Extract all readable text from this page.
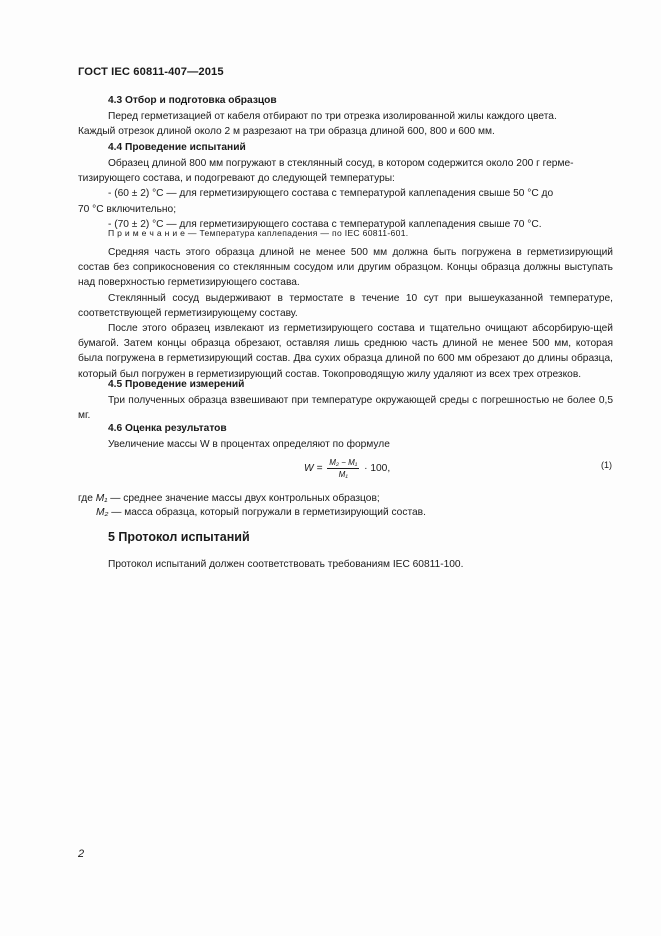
ГОСТ IEC 60811-407—2015
4.3 Отбор и подготовка образцов

Перед герметизацией от кабеля отбирают по три отрезка изолированной жилы каждого цвета.

Каждый отрезок длиной около 2 м разрезают на три образца длиной 600, 800 и 600 мм.

4.4 Проведение испытаний

Образец длиной 800 мм погружают в стеклянный сосуд, в котором содержится около 200 г герме-

тизирующего состава, и подогревают до следующей температуры:

- (60 ± 2) °C — для герметизирующего состава с температурой каплепадения свыше 50 °C до

70 °C включительно;

- (70 ± 2) °C — для герметизирующего состава с температурой каплепадения свыше 70 °C.

П р и м е ч а н и е — Температура каплепадения — по IEC 60811-601.

Средняя часть этого образца длиной не менее 500 мм должна быть погружена в герметизирующий состав без соприкосновения со стеклянным сосудом или другим образцом. Концы образца должны выступать над поверхностью герметизирующего состава.

Стеклянный сосуд выдерживают в термостате в течение 10 сут при вышеуказанной температуре, соответствующей герметизирующему составу.

После этого образец извлекают из герметизирующего состава и тщательно очищают абсорбирую-щей бумагой. Затем концы образца обрезают, оставляя лишь среднюю часть длиной не менее 500 мм, которая была погружена в герметизирующий состав. Два сухих образца длиной по 600 мм обрезают до длины образца, который был погружен в герметизирующий состав. Токопроводящую жилу удаляют из всех трех отрезков.

4.5 Проведение измерений

Три полученных образца взвешивают при температуре окружающей среды с погрешностью не более 0,5 мг.

4.6 Оценка результатов

Увеличение массы W в процентах определяют по формуле

$W = \frac{\text{M₂ − M₁}}{\text{M₁}} \cdot 100$,	(1)
где M₁ — среднее значение массы двух контрольных образцов;
M₂ — масса образца, который погружали в герметизирующий состав.
5 Протокол испытаний

Протокол испытаний должен соответствовать требованиям IEC 60811-100.

2
